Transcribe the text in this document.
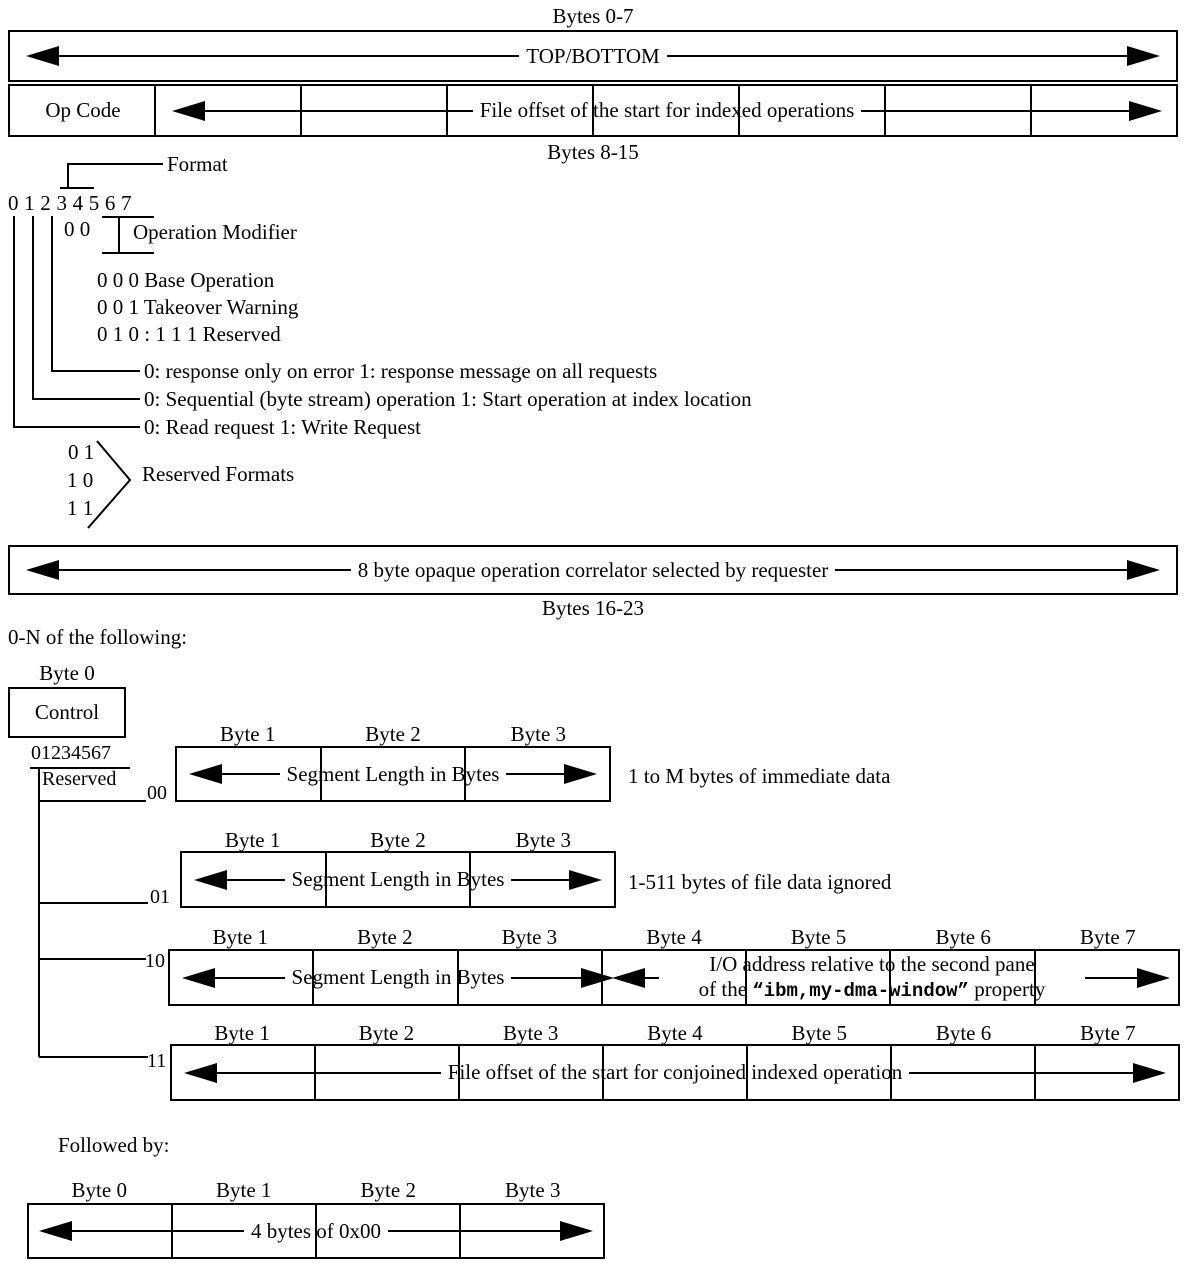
Bytes 0-7
TOP/BOTTOM
Op Code	File offset of the start for indexed operations
Bytes 8-15
Format
0 1 2 3 4 5 6 7
0 0 Operation Modifier
0 0 0 Base Operation
0 0 1 Takeover Warning
0 1 0 : 1 1 1 Reserved
0: response only on error 1: response message on all requests
0: Sequential (byte stream) operation 1: Start operation at index location
0: Read request 1: Write Request
0 1
1 0
1 1
Reserved Formats
8 byte opaque operation correlator selected by requester
Bytes 16-23
0-N of the following:
Byte 0
Control
01234567
Reserved
Byte 1	Byte 2	Byte 3
00
Segment Length in Bytes	1 to M bytes of immediate data
Byte 1	Byte 2	Byte 3
01
Segment Length in Bytes	1-511 bytes of file data ignored
Byte 1	Byte 2	Byte 3	Byte 4	Byte 5	Byte 6	Byte 7
10
Segment Length in Bytes
I/O address relative to the second pane
of the “ibm,my-dma-window” property
Byte 1	Byte 2	Byte 3	Byte 4	Byte 5	Byte 6	Byte 7
11	File offset of the start for conjoined indexed operation
Followed by:
Byte 0	Byte 1	Byte 2	Byte 3
4 bytes of 0x00
